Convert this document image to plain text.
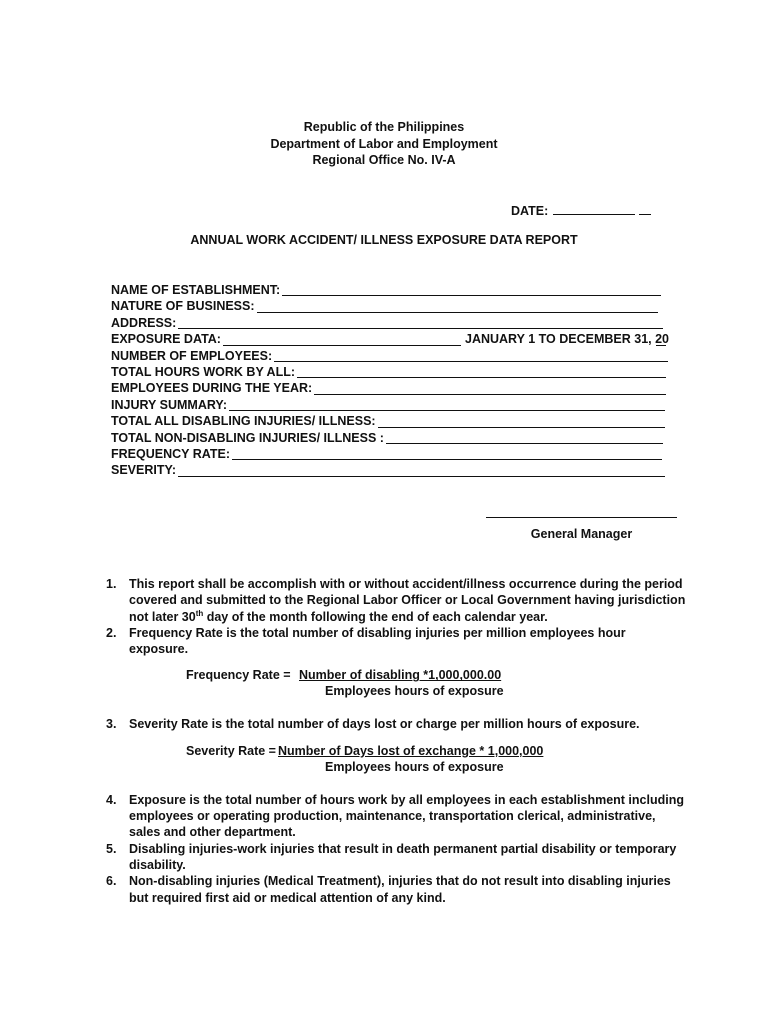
Republic of the Philippines
Department of Labor and Employment
Regional Office No. IV-A
DATE:
ANNUAL WORK ACCIDENT/ ILLNESS EXPOSURE DATA REPORT
NAME OF ESTABLISHMENT:
NATURE OF BUSINESS:
ADDRESS:
EXPOSURE DATA:	JANUARY 1 TO DECEMBER 31, 20
NUMBER OF EMPLOYEES:
TOTAL HOURS WORK BY ALL:
EMPLOYEES DURING THE YEAR:
INJURY SUMMARY:
TOTAL ALL DISABLING INJURIES/ ILLNESS:
TOTAL NON-DISABLING INJURIES/ ILLNESS :
FREQUENCY RATE:
SEVERITY:
General Manager
1. This report shall be accomplish with or without accident/illness occurrence during the period covered and submitted to the Regional Labor Officer or Local Government having jurisdiction not later 30th day of the month following the end of each calendar year.
2. Frequency Rate is the total number of disabling injuries per million employees hour exposure.
Frequency Rate = Number of disabling *1,000,000.00
Employees hours of exposure
3. Severity Rate is the total number of days lost or charge per million hours of exposure.
Severity Rate = Number of Days lost of exchange * 1,000,000
Employees hours of exposure
4. Exposure is the total number of hours work by all employees in each establishment including employees or operating production, maintenance, transportation clerical, administrative, sales and other department.
5. Disabling injuries-work injuries that result in death permanent partial disability or temporary disability.
6. Non-disabling injuries (Medical Treatment), injuries that do not result into disabling injuries but required first aid or medical attention of any kind.
